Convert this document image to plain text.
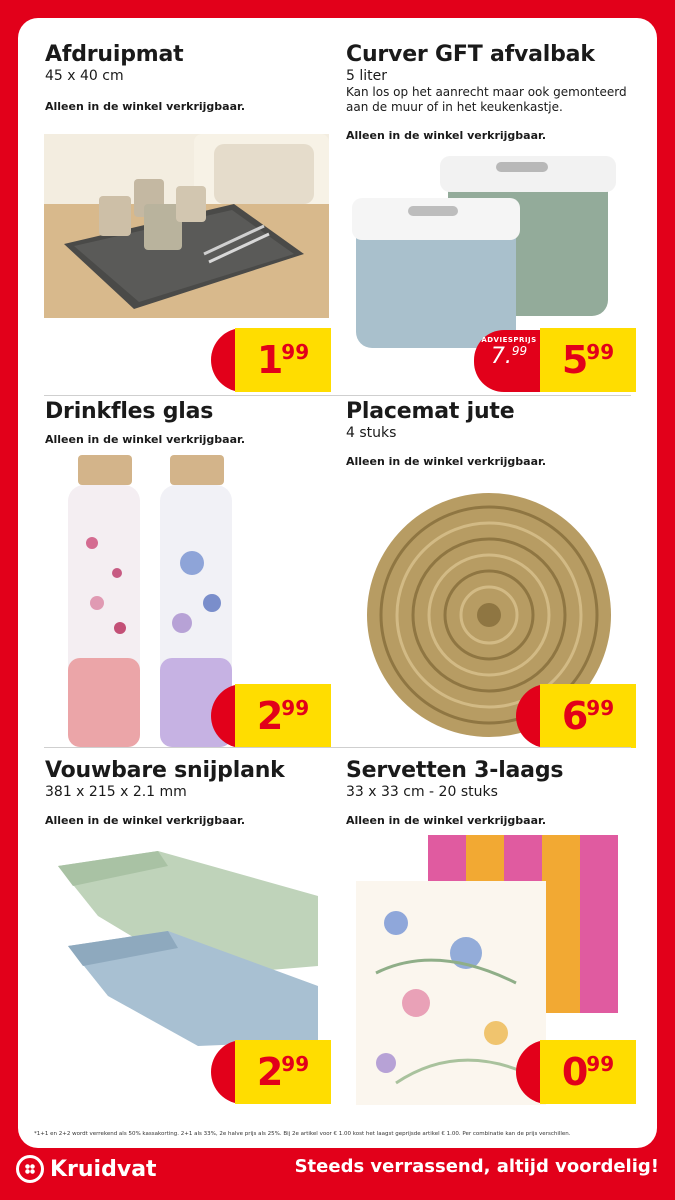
Afdruipmat
45 x 40 cm
Alleen in de winkel verkrijgbaar.
$1^{99}$
Curver GFT afvalbak
5 liter
Kan los op het aanrecht maar ook gemonteerd aan de muur of in het keukenkastje.
Alleen in de winkel verkrijgbaar.
ADVIESPRIJS
7.99 $5^{99}$
Drinkfles glas
Alleen in de winkel verkrijgbaar.
$2^{99}$
Placemat jute
4 stuks
Alleen in de winkel verkrijgbaar.
$6^{99}$
Vouwbare snijplank
381 x 215 x 2.1 mm
Alleen in de winkel verkrijgbaar.
$2^{99}$
Servetten 3-laags
33 x 33 cm - 20 stuks
Alleen in de winkel verkrijgbaar.
$0^{99}$
*1+1 en 2+2 wordt verrekend als 50% kassakorting. 2+1 als 33%, 2e halve prijs als 25%. Bij 2e artikel voor € 1.00 kost het laagst geprijsde artikel € 1.00. Per combinatie kan de prijs verschillen.
Kruidvat	Steeds verrassend, altijd voordelig!
